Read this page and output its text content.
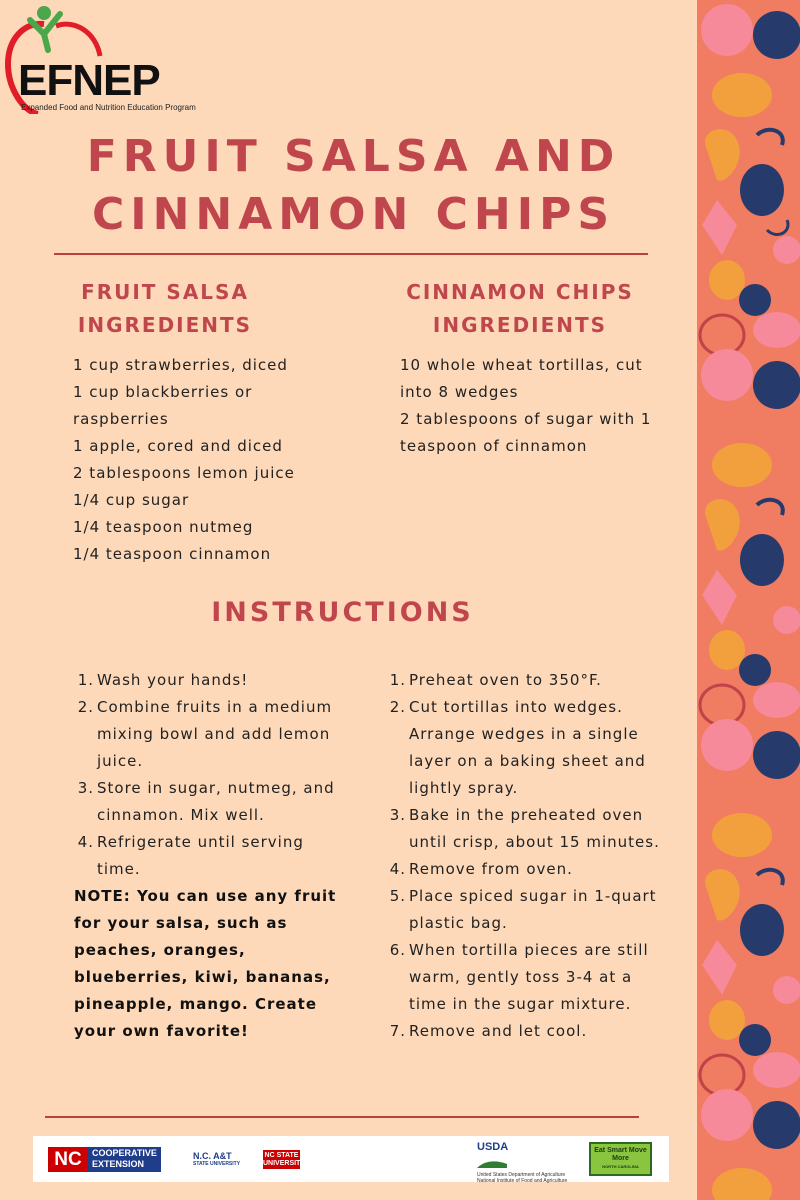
EFNEP
Expanded Food and Nutrition Education Program
FRUIT SALSA AND
CINNAMON CHIPS
FRUIT SALSA
INGREDIENTS
CINNAMON CHIPS
INGREDIENTS
1 cup strawberries, diced
1 cup blackberries or raspberries
1 apple, cored and diced
2 tablespoons lemon juice
1/4 cup sugar
1/4 teaspoon nutmeg
1/4 teaspoon cinnamon
10 whole wheat tortillas, cut into 8 wedges
2 tablespoons of sugar with 1 teaspoon of cinnamon
INSTRUCTIONS
1. Wash your hands!
2. Combine fruits in a medium mixing bowl and add lemon juice.
3. Store in sugar, nutmeg, and cinnamon. Mix well.
4. Refrigerate until serving time.
NOTE: You can use any fruit for your salsa, such as peaches, oranges, blueberries, kiwi, bananas, pineapple, mango. Create your own favorite!
1. Preheat oven to 350°F.
2. Cut tortillas into wedges. Arrange wedges in a single layer on a baking sheet and lightly spray.
3. Bake in the preheated oven until crisp, about 15 minutes.
4. Remove from oven.
5. Place spiced sugar in 1-quart plastic bag.
6. When tortilla pieces are still warm, gently toss 3-4 at a time in the sugar mixture.
7. Remove and let cool.
NC	COOPERATIVE
EXTENSION
N.C. A&T
STATE UNIVERSITY
NC STATE
UNIVERSITY
USDA
United States Department of Agriculture
National Institute of Food and Agriculture
Eat Smart Move More
NORTH CAROLINA
